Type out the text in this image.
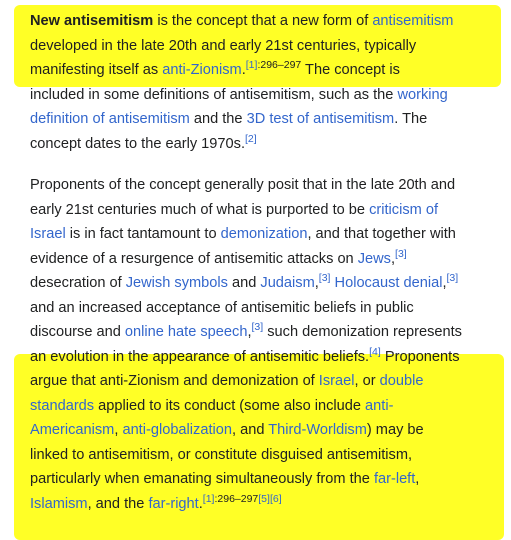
New antisemitism is the concept that a new form of antisemitism
developed in the late 20th and early 21st centuries, typically
manifesting itself as anti-Zionism.$^{[1]:296-297}$ The concept is
included in some definitions of antisemitism, such as the working
definition of antisemitism and the 3D test of antisemitism. The
concept dates to the early 1970s.[2]

Proponents of the concept generally posit that in the late 20th and
early 21st centuries much of what is purported to be criticism of
Israel is in fact tantamount to demonization, and that together with
evidence of a resurgence of antisemitic attacks on Jews,[3]
desecration of Jewish symbols and Judaism,[3] Holocaust denial,[3]
and an increased acceptance of antisemitic beliefs in public
discourse and online hate speech,[3] such demonization represents
an evolution in the appearance of antisemitic beliefs.[4] Proponents
argue that anti-Zionism and demonization of Israel, or double
standards applied to its conduct (some also include anti-
Americanism, anti-globalization, and Third-Worldism) may be
linked to antisemitism, or constitute disguised antisemitism,
particularly when emanating simultaneously from the far-left,
Islamism, and the far-right.[1]:296–297[5][6]
